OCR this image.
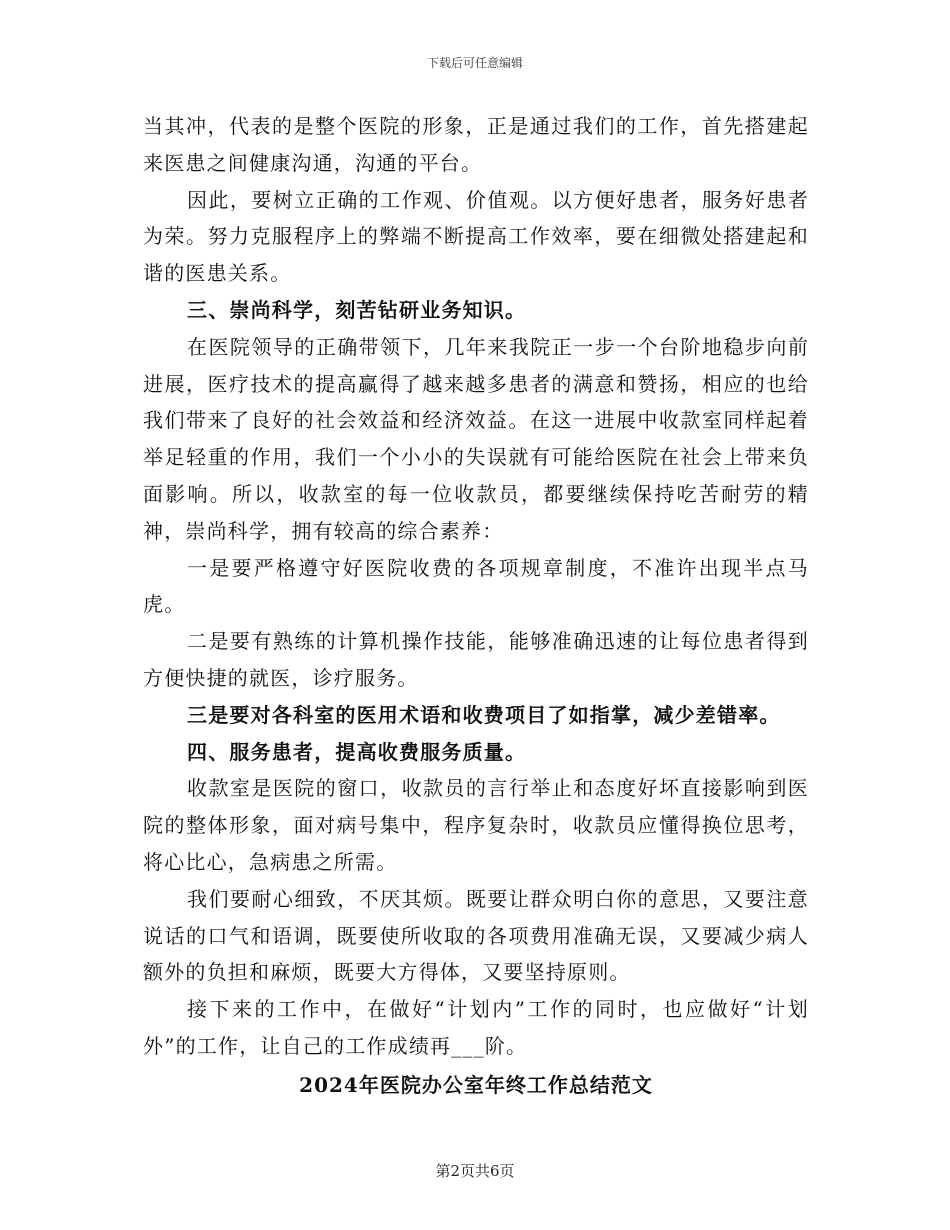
下载后可任意编辑

当其冲，代表的是整个医院的形象，正是通过我们的工作，首先搭建起来医患之间健康沟通，沟通的平台。

因此，要树立正确的工作观、价值观。以方便好患者，服务好患者为荣。努力克服程序上的弊端不断提高工作效率，要在细微处搭建起和谐的医患关系。

三、崇尚科学，刻苦钻研业务知识。

在医院领导的正确带领下，几年来我院正一步一个台阶地稳步向前进展，医疗技术的提高赢得了越来越多患者的满意和赞扬，相应的也给我们带来了良好的社会效益和经济效益。在这一进展中收款室同样起着举足轻重的作用，我们一个小小的失误就有可能给医院在社会上带来负面影响。所以，收款室的每一位收款员，都要继续保持吃苦耐劳的精神，崇尚科学，拥有较高的综合素养：

一是要严格遵守好医院收费的各项规章制度，不准许出现半点马虎。

二是要有熟练的计算机操作技能，能够准确迅速的让每位患者得到方便快捷的就医，诊疗服务。

三是要对各科室的医用术语和收费项目了如指掌，减少差错率。

四、服务患者，提高收费服务质量。

收款室是医院的窗口，收款员的言行举止和态度好坏直接影响到医院的整体形象，面对病号集中，程序复杂时，收款员应懂得换位思考，将心比心，急病患之所需。

我们要耐心细致，不厌其烦。既要让群众明白你的意思，又要注意说话的口气和语调，既要使所收取的各项费用准确无误，又要减少病人额外的负担和麻烦，既要大方得体，又要坚持原则。

接下来的工作中，在做好“计划内”工作的同时，也应做好“计划外”的工作，让自己的工作成绩再___阶。

2024年医院办公室年终工作总结范文

第2页共6页
